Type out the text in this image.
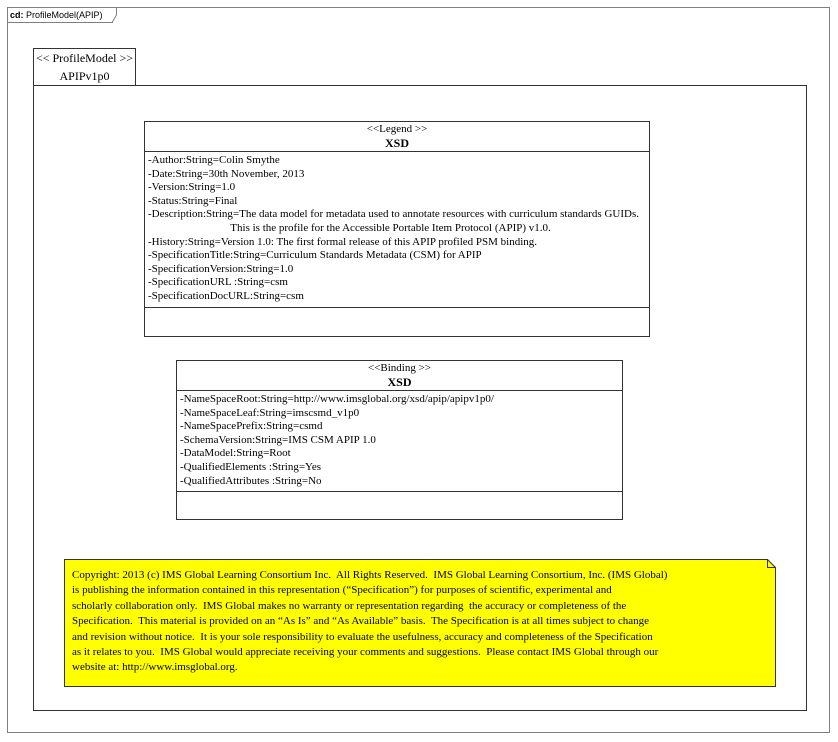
cd: ProfileModel(APIP)
<< ProfileModel >>
APIPv1p0
<<Legend >>
XSD
-Author:String=Colin Smythe
-Date:String=30th November, 2013
-Version:String=1.0
-Status:String=Final
-Description:String=The data model for metadata used to annotate resources with curriculum standards GUIDs.
This is the profile for the Accessible Portable Item Protocol (APIP) v1.0.
-History:String=Version 1.0: The first formal release of this APIP profiled PSM binding.
-SpecificationTitle:String=Curriculum Standards Metadata (CSM) for APIP
-SpecificationVersion:String=1.0
-SpecificationURL :String=csm
-SpecificationDocURL:String=csm
<<Binding >>
XSD
-NameSpaceRoot:String=http://www.imsglobal.org/xsd/apip/apipv1p0/
-NameSpaceLeaf:String=imscsmd_v1p0
-NameSpacePrefix:String=csmd
-SchemaVersion:String=IMS CSM APIP 1.0
-DataModel:String=Root
-QualifiedElements :String=Yes
-QualifiedAttributes :String=No
Copyright: 2013 (c) IMS Global Learning Consortium Inc.  All Rights Reserved.  IMS Global Learning Consortium, Inc. (IMS Global)
is publishing the information contained in this representation (“Specification”) for purposes of scientific, experimental and
scholarly collaboration only.  IMS Global makes no warranty or representation regarding  the accuracy or completeness of the
Specification.  This material is provided on an “As Is” and “As Available” basis.  The Specification is at all times subject to change
and revision without notice.  It is your sole responsibility to evaluate the usefulness, accuracy and completeness of the Specification
as it relates to you.  IMS Global would appreciate receiving your comments and suggestions.  Please contact IMS Global through our
website at: http://www.imsglobal.org.
